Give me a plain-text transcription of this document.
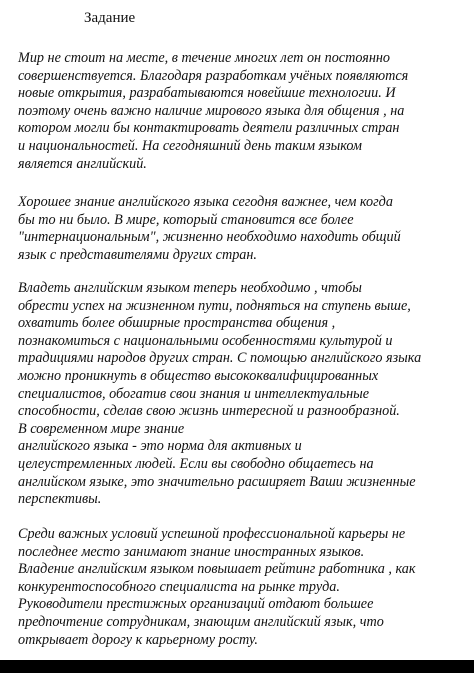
Задание
Мир не стоит на месте, в течение многих лет он постоянно
совершенствуется. Благодаря разработкам учёных появляются
новые открытия, разрабатываются новейшие технологии. И
поэтому очень важно наличие мирового языка для общения , на
котором могли бы контактировать деятели различных стран
и национальностей. На сегодняшний день таким языком
является английский.
Хорошее знание английского языка сегодня важнее, чем когда
бы то ни было. В мире, который становится все более
"интернациональным", жизненно необходимо находить общий
язык с представителями других стран.
Владеть английским языком теперь необходимо , чтобы
обрести успех на жизненном пути, подняться на ступень выше,
охватить более обширные пространства общения ,
познакомиться с национальными особенностями культурой и
традициями народов других стран. С помощью английского языка
можно проникнуть в общество высококвалифицированных
специалистов, обогатив свои знания и интеллектуальные
способности, сделав свою жизнь интересной и разнообразной.
В современном мире знание
английского языка - это норма для активных и
целеустремленных людей. Если вы свободно общаетесь на
английском языке, это значительно расширяет Ваши жизненные
перспективы.
Среди важных условий успешной профессиональной карьеры не
последнее место занимают знание иностранных языков.
Владение английским языком повышает рейтинг работника , как
конкурентоспособного специалиста на рынке труда.
Руководители престижных организаций отдают большее
предпочтение сотрудникам, знающим английский язык, что
открывает дорогу к карьерному росту.
